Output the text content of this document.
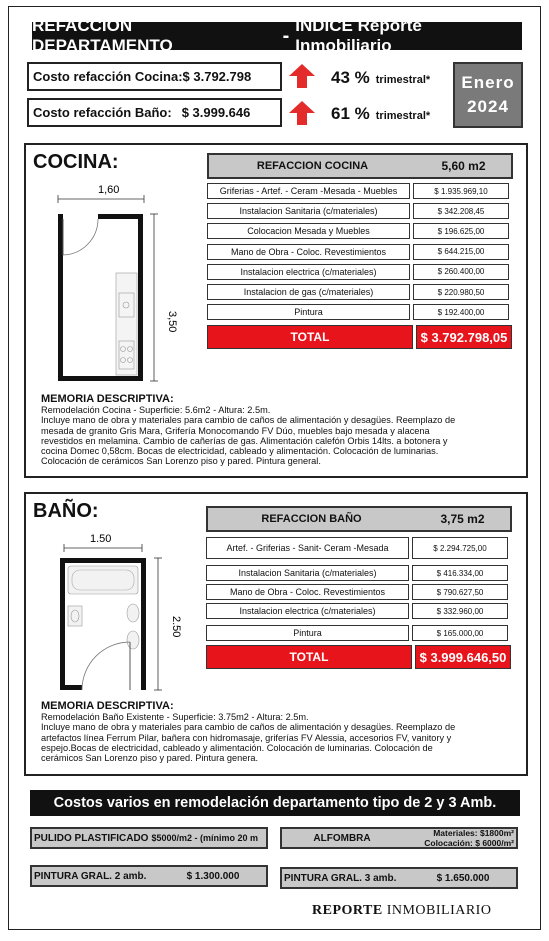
REFACCION DEPARTAMENTO	- INDICE Reporte Inmobiliario
Costo refacción Cocina: $ 3.792.798	43 % trimestral*
Costo refacción Baño: $ 3.999.646	61 % trimestral*
Enero
2024
COCINA:
1,60
3,50
REFACCION COCINA	5,60 m2
Griferias - Artef. - Ceram -Mesada - Muebles	$ 1.935.969,10
Instalacion Sanitaria (c/materiales)	$ 342.208,45
Colocacion Mesada y Muebles	$ 196.625,00
Mano de Obra - Coloc. Revestimientos	$ 644.215,00
Instalacion electrica (c/materiales)	$ 260.400,00
Instalacion de gas (c/materiales)	$ 220.980,50
Pintura	$ 192.400,00
TOTAL	$ 3.792.798,05
MEMORIA DESCRIPTIVA:
Remodelación Cocina - Superficie: 5.6m2 - Altura: 2.5m.
Incluye mano de obra y materiales para cambio de caños de alimentación y desagües. Reemplazo de
mesada de granito Gris Mara, Grifería Monocomando FV Dúo, muebles bajo mesada y alacena
revestidos en melamina. Cambio de cañerías de gas. Alimentación calefón Orbis 14lts. a botonera y
cocina Domec 0,58cm. Bocas de electricidad, cableado y alimentación. Colocación de luminarias.
Colocación de cerámicos San Lorenzo piso y pared. Pintura general.
BAÑO:
1.50
2.50
REFACCION BAÑO	3,75 m2
Artef. - Griferias - Sanit- Ceram -Mesada	$ 2.294.725,00
Instalacion Sanitaria (c/materiales)	$ 416.334,00
Mano de Obra - Coloc. Revestimientos	$ 790.627,50
Instalacion electrica (c/materiales)	$ 332.960,00
Pintura	$ 165.000,00
TOTAL	$ 3.999.646,50
MEMORIA DESCRIPTIVA:
Remodelación Baño Existente - Superficie: 3.75m2 - Altura: 2.5m.
Incluye mano de obra y materiales para cambio de caños de alimentación y desagües. Reemplazo de
artefactos línea Ferrum Pilar, bañera con hidromasaje, griferías FV Alessia, accesorios FV, vanitory y
espejo.Bocas de electricidad, cableado y alimentación. Colocación de luminarias. Colocación de
cerámicos San Lorenzo piso y pared. Pintura genera.
Costos varios en remodelación departamento tipo de 2 y 3 Amb.
PULIDO PLASTIFICADO $5000/m2 - (mínimo 20 m	ALFOMBRA	Materiales: $1800m²
Colocación: $ 6000/m²
PINTURA GRAL. 2 amb.	$ 1.300.000	PINTURA GRAL. 3 amb.	$ 1.650.000
REPORTE INMOBILIARIO
